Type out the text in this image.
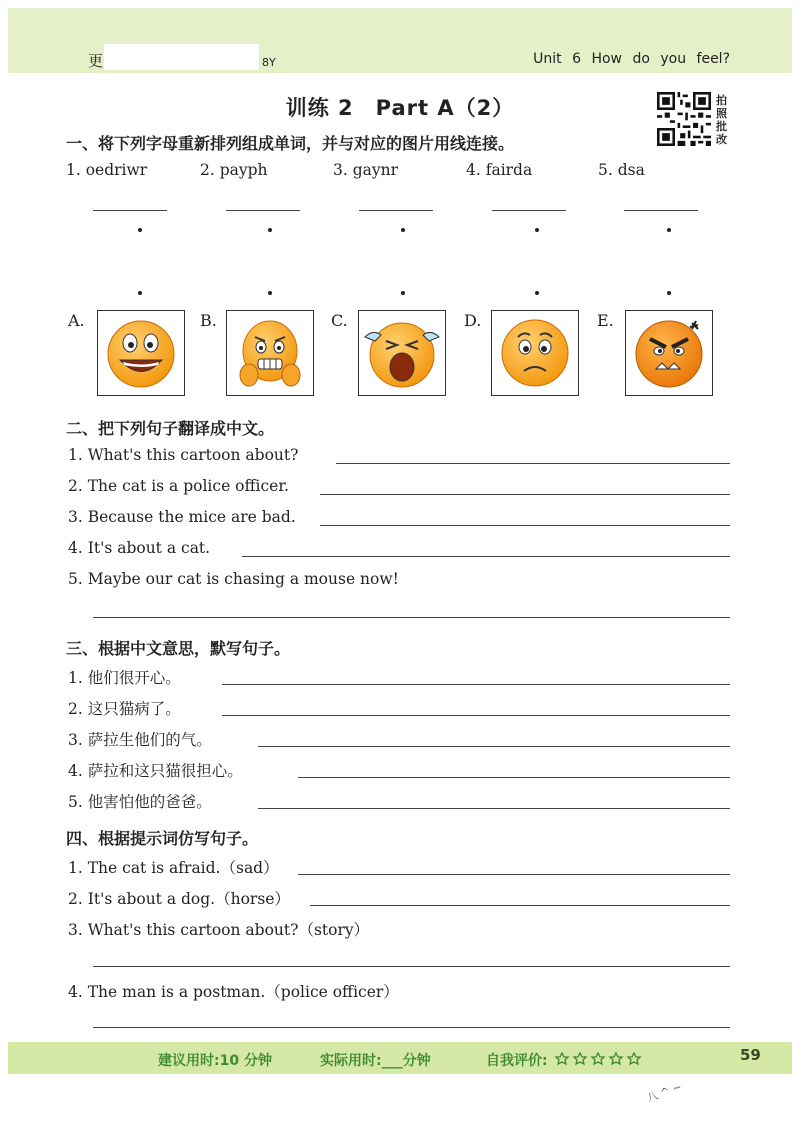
更	8Y	Unit 6 How do you feel?
训练 2　Part A（2）	拍
照
批
改
一、将下列字母重新排列组成单词，并与对应的图片用线连接。
1. oedriwr	2. payph	3. gaynr	4. fairda	5. dsa
A.	B.	C.	D.	E.
二、把下列句子翻译成中文。
1. What's this cartoon about?
2. The cat is a police officer.
3. Because the mice are bad.
4. It's about a cat.
5. Maybe our cat is chasing a mouse now!
三、根据中文意思，默写句子。
1. 他们很开心。
2. 这只猫病了。
3. 萨拉生他们的气。
4. 萨拉和这只猫很担心。
5. 他害怕他的爸爸。
四、根据提示词仿写句子。
1. The cat is afraid.（sad）
2. It's about a dog.（horse）
3. What's this cartoon about?（story）
4. The man is a postman.（police officer）
建议用时:10 分钟	实际用时:___分钟	自我评价:	59
八 ^ ~
